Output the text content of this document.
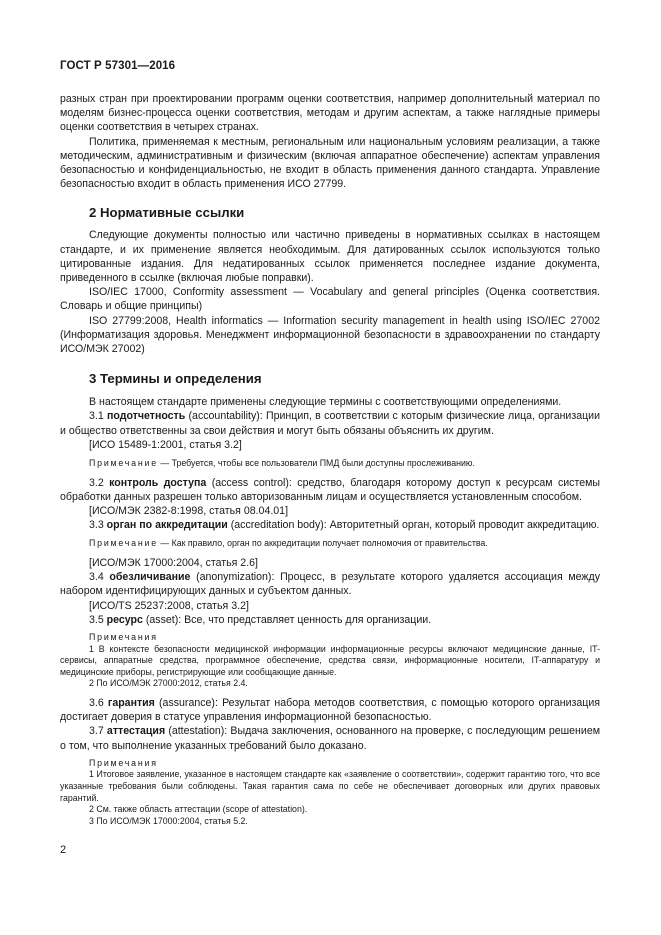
ГОСТ Р 57301—2016

разных стран при проектировании программ оценки соответствия, например дополнительный материал по моделям бизнес-процесса оценки соответствия, методам и другим аспектам, а также наглядные примеры оценки соответствия в четырех странах.

Политика, применяемая к местным, региональным или национальным условиям реализации, а также методическим, административным и физическим (включая аппаратное обеспечение) аспектам управления безопасностью и конфиденциальностью, не входит в область применения данного стандарта. Управление безопасностью входит в область применения ИСО 27799.

2 Нормативные ссылки

Следующие документы полностью или частично приведены в нормативных ссылках в настоящем стандарте, и их применение является необходимым. Для датированных ссылок используются только цитированные издания. Для недатированных ссылок применяется последнее издание документа, приведенного в ссылке (включая любые поправки).

ISO/IEC 17000, Conformity assessment — Vocabulary and general principles (Оценка соответствия. Словарь и общие принципы)

ISO 27799:2008, Health informatics — Information security management in health using ISO/IEC 27002 (Информатизация здоровья. Менеджмент информационной безопасности в здравоохранении по стандарту ИСО/МЭК 27002)

3 Термины и определения

В настоящем стандарте применены следующие термины с соответствующими определениями.

3.1 подотчетность (accountability): Принцип, в соответствии с которым физические лица, организации и общество ответственны за свои действия и могут быть обязаны объяснить их другим.

[ИСО 15489-1:2001, статья 3.2]

Примечание — Требуется, чтобы все пользователи ПМД были доступны прослеживанию.

3.2 контроль доступа (access control): средство, благодаря которому доступ к ресурсам системы обработки данных разрешен только авторизованным лицам и осуществляется установленным способом.

[ИСО/МЭК 2382-8:1998, статья 08.04.01]

3.3 орган по аккредитации (accreditation body): Авторитетный орган, который проводит аккредитацию.

Примечание — Как правило, орган по аккредитации получает полномочия от правительства.

[ИСО/МЭК 17000:2004, статья 2.6]

3.4 обезличивание (anonymization): Процесс, в результате которого удаляется ассоциация между набором идентифицирующих данных и субъектом данных.

[ИСО/TS 25237:2008, статья 3.2]

3.5 ресурс (asset): Все, что представляет ценность для организации.

Примечания

1 В контексте безопасности медицинской информации информационные ресурсы включают медицинские данные, IT-сервисы, аппаратные средства, программное обеспечение, средства связи, информационные носители, IT-аппаратуру и медицинские приборы, регистрирующие или сообщающие данные.

2 По ИСО/МЭК 27000:2012, статья 2.4.

3.6 гарантия (assurance): Результат набора методов соответствия, с помощью которого организация достигает доверия в статусе управления информационной безопасностью.

3.7 аттестация (attestation): Выдача заключения, основанного на проверке, с последующим решением о том, что выполнение указанных требований было доказано.

Примечания

1 Итоговое заявление, указанное в настоящем стандарте как «заявление о соответствии», содержит гарантию того, что все указанные требования были соблюдены. Такая гарантия сама по себе не обеспечивает договорных или других правовых гарантий.

2 См. также область аттестации (scope of attestation).

3 По ИСО/МЭК 17000:2004, статья 5.2.

2
